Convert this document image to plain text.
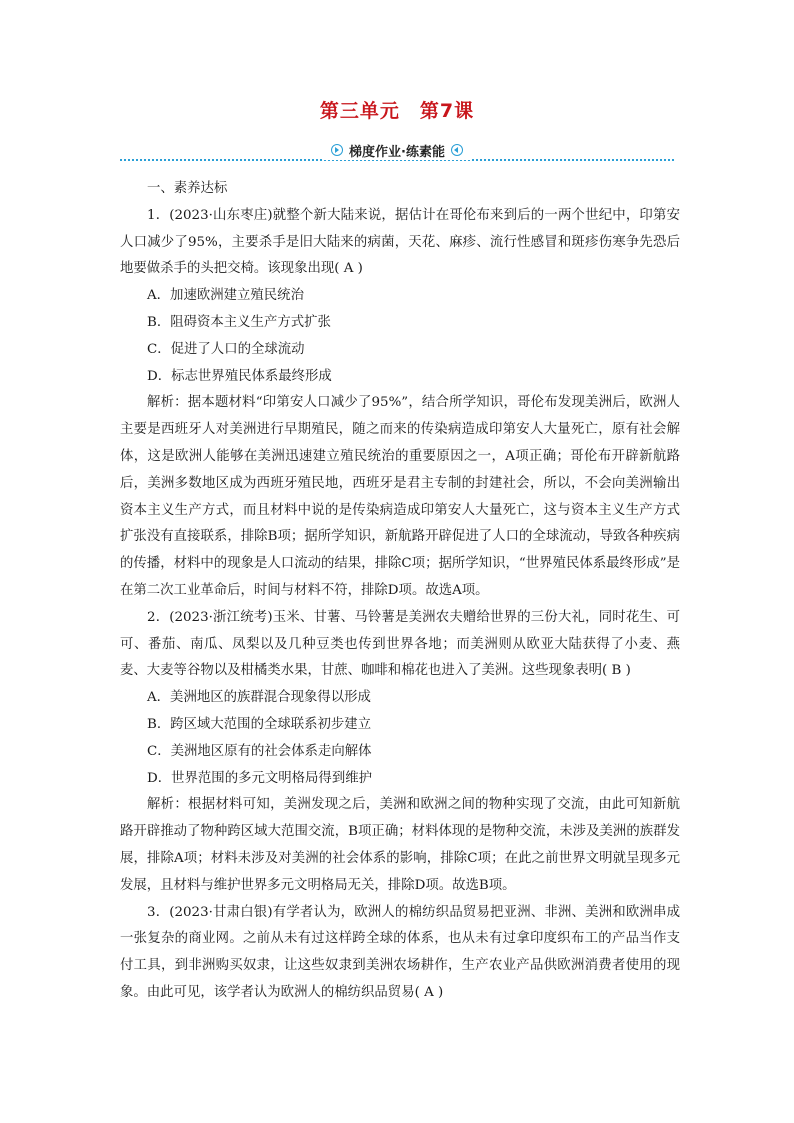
第三单元　第7课
梯度作业·练素能

一、素养达标

1．(2023·山东枣庄)就整个新大陆来说，据估计在哥伦布来到后的一两个世纪中，印第安人口减少了95%，主要杀手是旧大陆来的病菌，天花、麻疹、流行性感冒和斑疹伤寒争先恐后地要做杀手的头把交椅。该现象出现( A )

A．加速欧洲建立殖民统治

B．阻碍资本主义生产方式扩张

C．促进了人口的全球流动

D．标志世界殖民体系最终形成

解析：据本题材料“印第安人口减少了95%”，结合所学知识，哥伦布发现美洲后，欧洲人主要是西班牙人对美洲进行早期殖民，随之而来的传染病造成印第安人大量死亡，原有社会解体，这是欧洲人能够在美洲迅速建立殖民统治的重要原因之一，A项正确；哥伦布开辟新航路后，美洲多数地区成为西班牙殖民地，西班牙是君主专制的封建社会，所以，不会向美洲输出资本主义生产方式，而且材料中说的是传染病造成印第安人大量死亡，这与资本主义生产方式扩张没有直接联系，排除B项；据所学知识，新航路开辟促进了人口的全球流动，导致各种疾病的传播，材料中的现象是人口流动的结果，排除C项；据所学知识，“世界殖民体系最终形成”是在第二次工业革命后，时间与材料不符，排除D项。故选A项。

2．(2023·浙江统考)玉米、甘薯、马铃薯是美洲农夫赠给世界的三份大礼，同时花生、可可、番茄、南瓜、凤梨以及几种豆类也传到世界各地；而美洲则从欧亚大陆获得了小麦、燕麦、大麦等谷物以及柑橘类水果，甘蔗、咖啡和棉花也进入了美洲。这些现象表明( B )

A．美洲地区的族群混合现象得以形成

B．跨区域大范围的全球联系初步建立

C．美洲地区原有的社会体系走向解体

D．世界范围的多元文明格局得到维护

解析：根据材料可知，美洲发现之后，美洲和欧洲之间的物种实现了交流，由此可知新航路开辟推动了物种跨区域大范围交流，B项正确；材料体现的是物种交流，未涉及美洲的族群发展，排除A项；材料未涉及对美洲的社会体系的影响，排除C项；在此之前世界文明就呈现多元发展，且材料与维护世界多元文明格局无关，排除D项。故选B项。

3．(2023·甘肃白银)有学者认为，欧洲人的棉纺织品贸易把亚洲、非洲、美洲和欧洲串成一张复杂的商业网。之前从未有过这样跨全球的体系，也从未有过拿印度织布工的产品当作支付工具，到非洲购买奴隶，让这些奴隶到美洲农场耕作，生产农业产品供欧洲消费者使用的现象。由此可见，该学者认为欧洲人的棉纺织品贸易( A )
